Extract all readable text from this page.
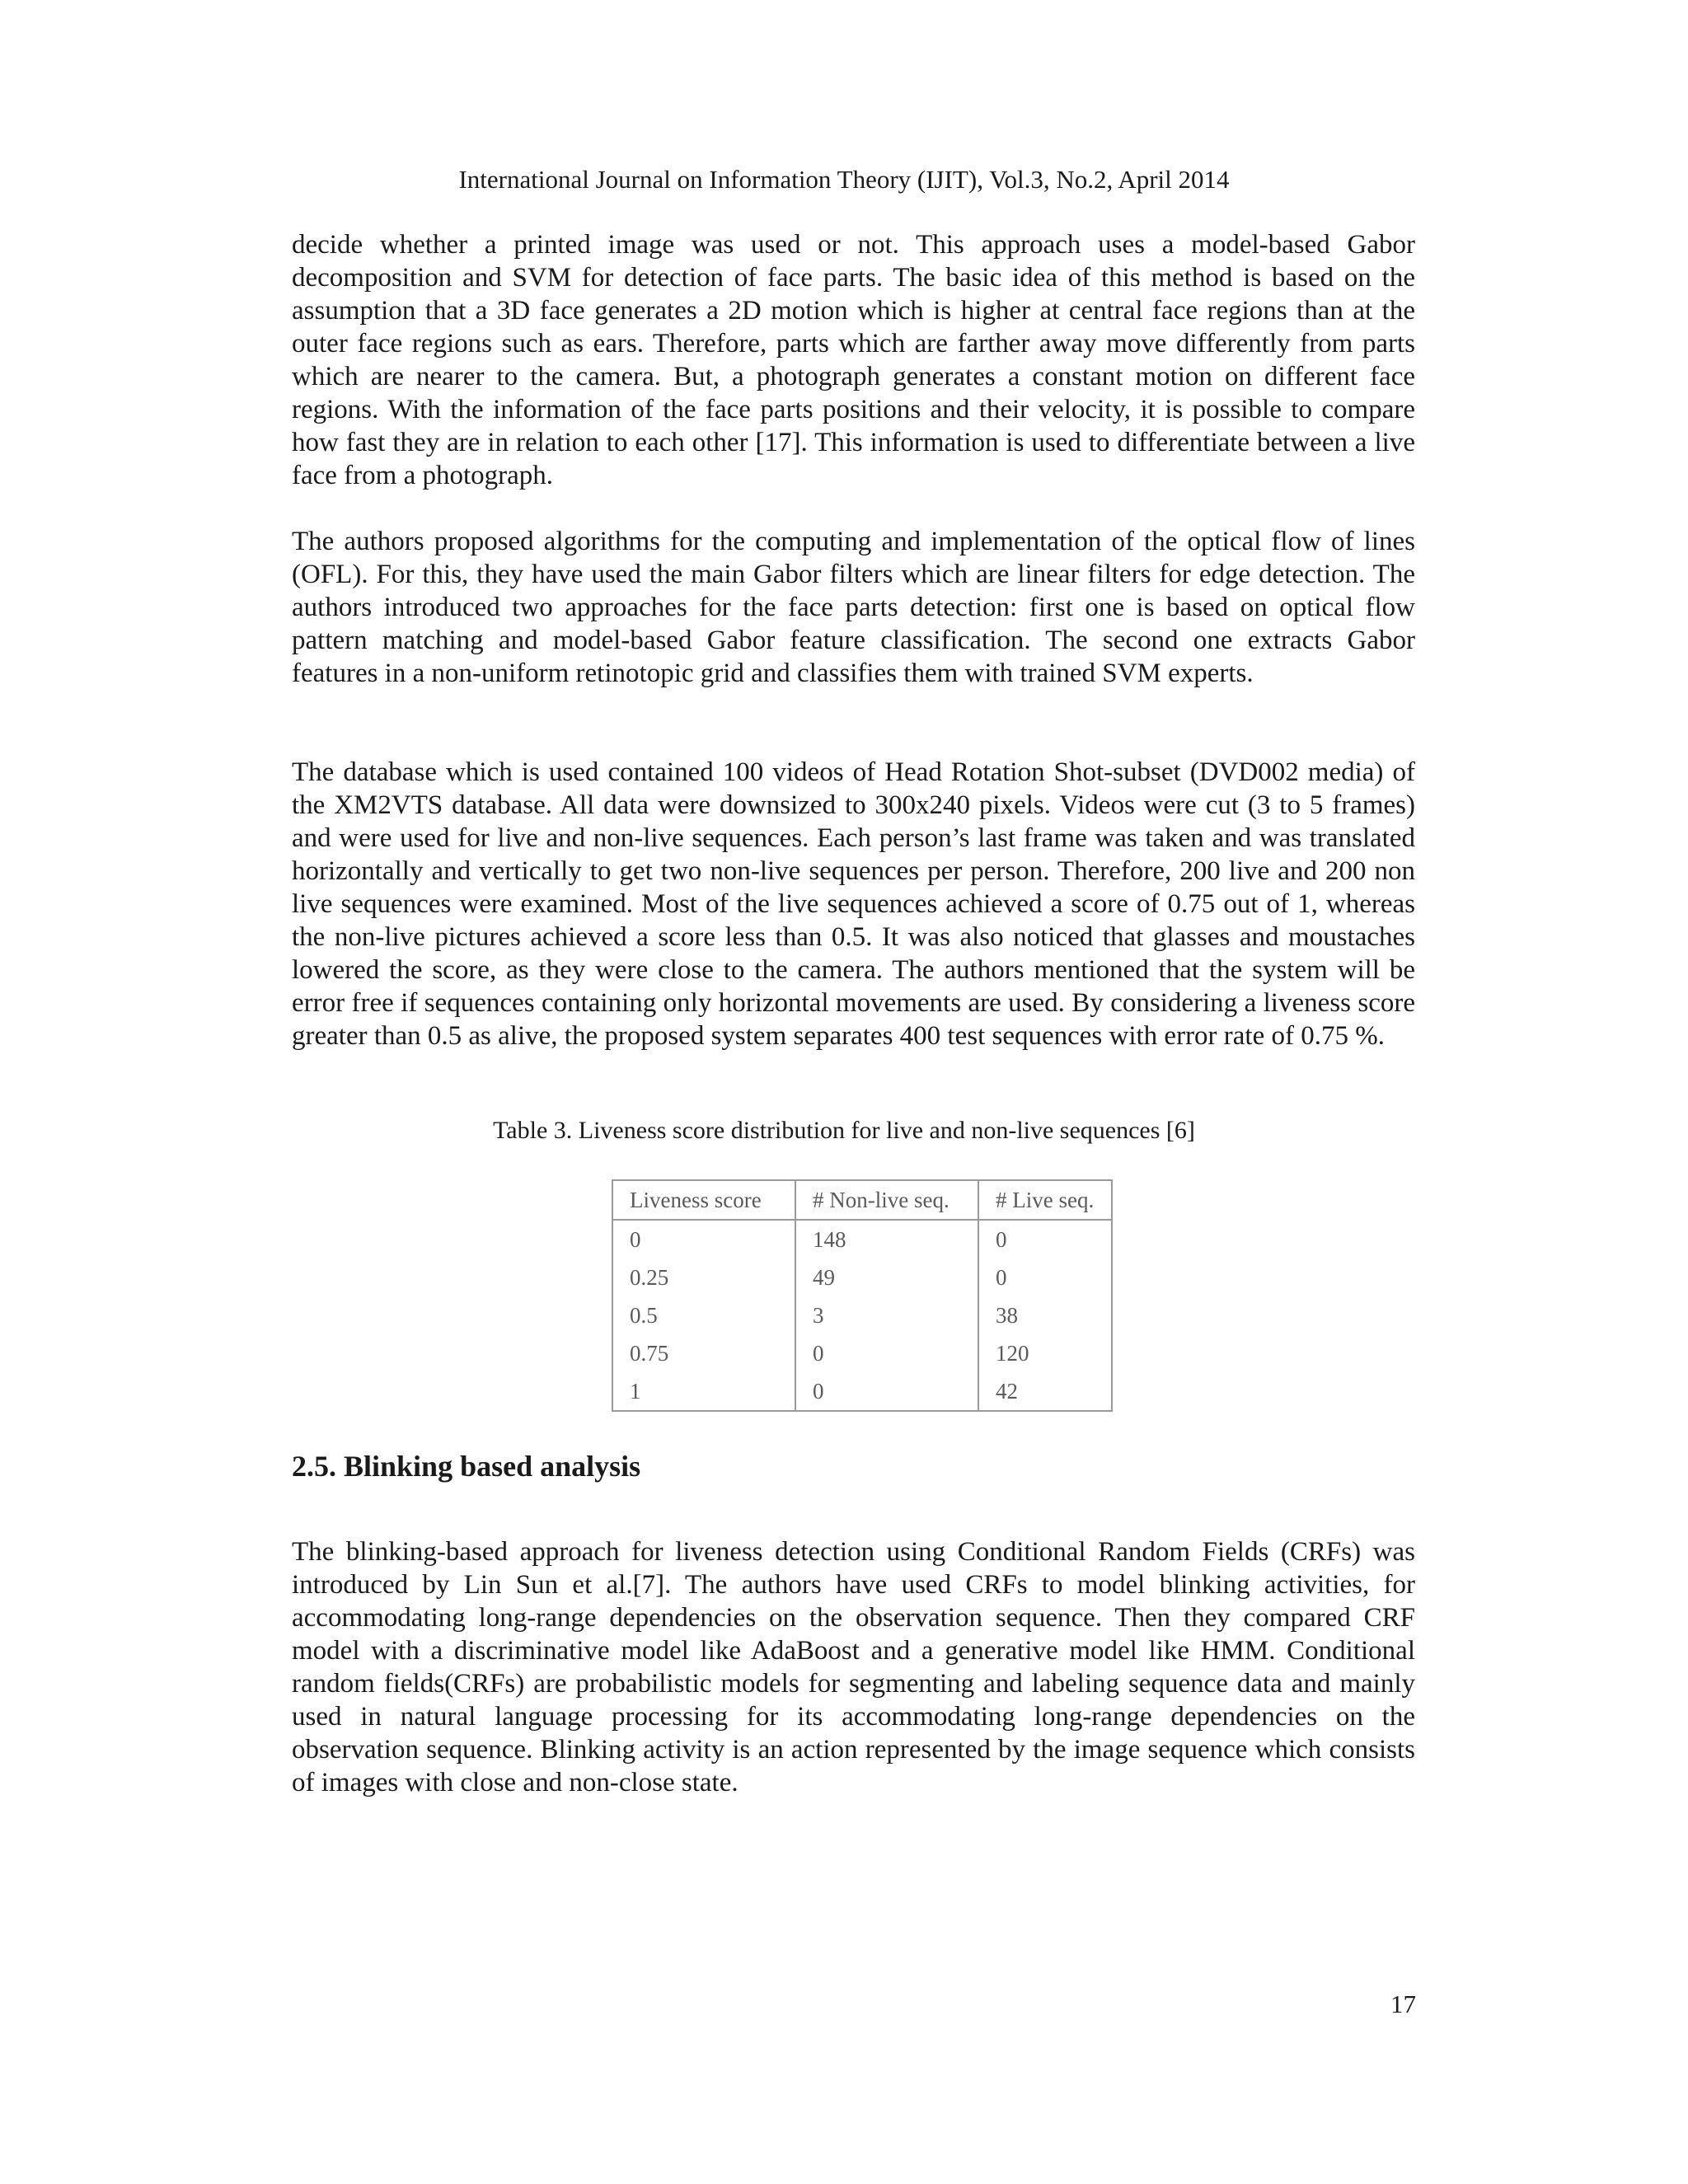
International Journal on Information Theory (IJIT), Vol.3, No.2, April 2014

decide whether a printed image was used or not. This approach uses a model-based Gabor decomposition and SVM for detection of face parts. The basic idea of this method is based on the assumption that a 3D face generates a 2D motion which is higher at central face regions than at the outer face regions such as ears. Therefore, parts which are farther away move differently from parts which are nearer to the camera. But, a photograph generates a constant motion on different face regions. With the information of the face parts positions and their velocity, it is possible to compare how fast they are in relation to each other [17]. This information is used to differentiate between a live face from a photograph.

The authors proposed algorithms for the computing and implementation of the optical flow of lines (OFL). For this, they have used the main Gabor filters which are linear filters for edge detection. The authors introduced two approaches for the face parts detection: first one is based on optical flow pattern matching and model-based Gabor feature classification. The second one extracts Gabor features in a non-uniform retinotopic grid and classifies them with trained SVM experts.

The database which is used contained 100 videos of Head Rotation Shot-subset (DVD002 media) of the XM2VTS database. All data were downsized to 300x240 pixels. Videos were cut (3 to 5 frames) and were used for live and non-live sequences. Each person’s last frame was taken and was translated horizontally and vertically to get two non-live sequences per person. Therefore, 200 live and 200 non live sequences were examined. Most of the live sequences achieved a score of 0.75 out of 1, whereas the non-live pictures achieved a score less than 0.5. It was also noticed that glasses and moustaches lowered the score, as they were close to the camera. The authors mentioned that the system will be error free if sequences containing only horizontal movements are used. By considering a liveness score greater than 0.5 as alive, the proposed system separates 400 test sequences with error rate of 0.75 %.

Table 3. Liveness score distribution for live and non-live sequences [6]
Liveness score	# Non-live seq.	# Live seq.
0	148	0
0.25	49	0
0.5	3	38
0.75	0	120
1	0	42
2.5. Blinking based analysis

The blinking-based approach for liveness detection using Conditional Random Fields (CRFs) was introduced by Lin Sun et al.[7]. The authors have used CRFs to model blinking activities, for accommodating long-range dependencies on the observation sequence. Then they compared CRF model with a discriminative model like AdaBoost and a generative model like HMM. Conditional random fields(CRFs) are probabilistic models for segmenting and labeling sequence data and mainly used in natural language processing for its accommodating long-range dependencies on the observation sequence. Blinking activity is an action represented by the image sequence which consists of images with close and non-close state.

17
